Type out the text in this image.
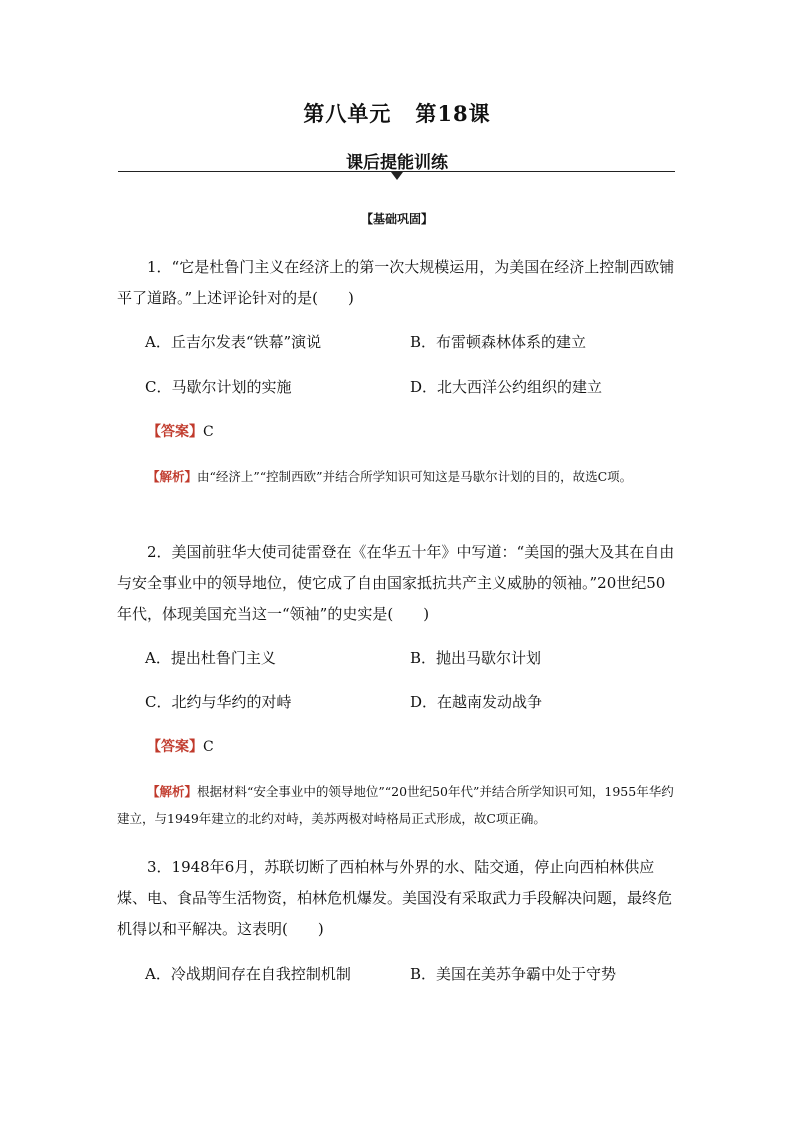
第八单元 第18课
课后提能训练
【基础巩固】
1．“它是杜鲁门主义在经济上的第一次大规模运用，为美国在经济上控制西欧铺平了道路。”上述评论针对的是(　　)
A．丘吉尔发表“铁幕”演说	B．布雷顿森林体系的建立
C．马歇尔计划的实施	D．北大西洋公约组织的建立
【答案】C
【解析】由“经济上”“控制西欧”并结合所学知识可知这是马歇尔计划的目的，故选C项。
2．美国前驻华大使司徒雷登在《在华五十年》中写道：“美国的强大及其在自由与安全事业中的领导地位，使它成了自由国家抵抗共产主义威胁的领袖。”20世纪50年代，体现美国充当这一“领袖”的史实是(　　)
A．提出杜鲁门主义	B．抛出马歇尔计划
C．北约与华约的对峙	D．在越南发动战争
【答案】C
【解析】根据材料“安全事业中的领导地位”“20世纪50年代”并结合所学知识可知，1955年华约建立，与1949年建立的北约对峙，美苏两极对峙格局正式形成，故C项正确。
3．1948年6月，苏联切断了西柏林与外界的水、陆交通，停止向西柏林供应煤、电、食品等生活物资，柏林危机爆发。美国没有采取武力手段解决问题，最终危机得以和平解决。这表明(　　)
A．冷战期间存在自我控制机制	B．美国在美苏争霸中处于守势
